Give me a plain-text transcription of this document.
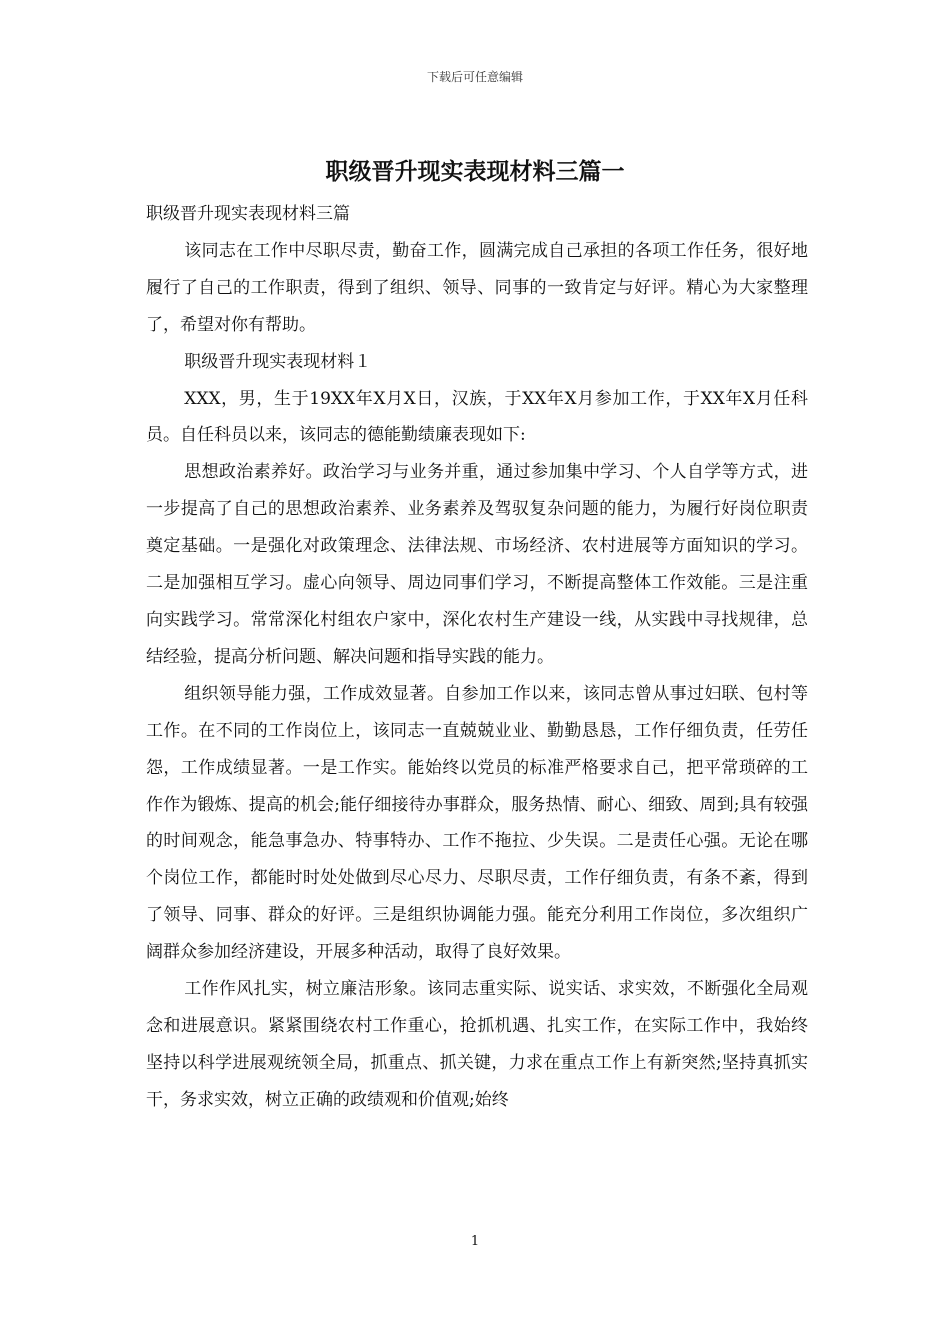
下载后可任意编辑
职级晋升现实表现材料三篇一

职级晋升现实表现材料三篇

该同志在工作中尽职尽责，勤奋工作，圆满完成自己承担的各项工作任务，很好地履行了自己的工作职责，得到了组织、领导、同事的一致肯定与好评。精心为大家整理了，希望对你有帮助。

职级晋升现实表现材料１

XXX，男，生于19XX年X月X日，汉族，于XX年X月参加工作，于XX年X月任科员。自任科员以来，该同志的德能勤绩廉表现如下:

思想政治素养好。政治学习与业务并重，通过参加集中学习、个人自学等方式，进一步提高了自己的思想政治素养、业务素养及驾驭复杂问题的能力，为履行好岗位职责奠定基础。一是强化对政策理念、法律法规、市场经济、农村进展等方面知识的学习。二是加强相互学习。虚心向领导、周边同事们学习，不断提高整体工作效能。三是注重向实践学习。常常深化村组农户家中，深化农村生产建设一线，从实践中寻找规律，总结经验，提高分析问题、解决问题和指导实践的能力。

组织领导能力强，工作成效显著。自参加工作以来，该同志曾从事过妇联、包村等工作。在不同的工作岗位上，该同志一直兢兢业业、勤勤恳恳，工作仔细负责，任劳任怨，工作成绩显著。一是工作实。能始终以党员的标准严格要求自己，把平常琐碎的工作作为锻炼、提高的机会;能仔细接待办事群众，服务热情、耐心、细致、周到;具有较强的时间观念，能急事急办、特事特办、工作不拖拉、少失误。二是责任心强。无论在哪个岗位工作，都能时时处处做到尽心尽力、尽职尽责，工作仔细负责，有条不紊，得到了领导、同事、群众的好评。三是组织协调能力强。能充分利用工作岗位，多次组织广阔群众参加经济建设，开展多种活动，取得了良好效果。

工作作风扎实，树立廉洁形象。该同志重实际、说实话、求实效，不断强化全局观念和进展意识。紧紧围绕农村工作重心，抢抓机遇、扎实工作，在实际工作中，我始终坚持以科学进展观统领全局，抓重点、抓关键，力求在重点工作上有新突然;坚持真抓实干，务求实效，树立正确的政绩观和价值观;始终

1
